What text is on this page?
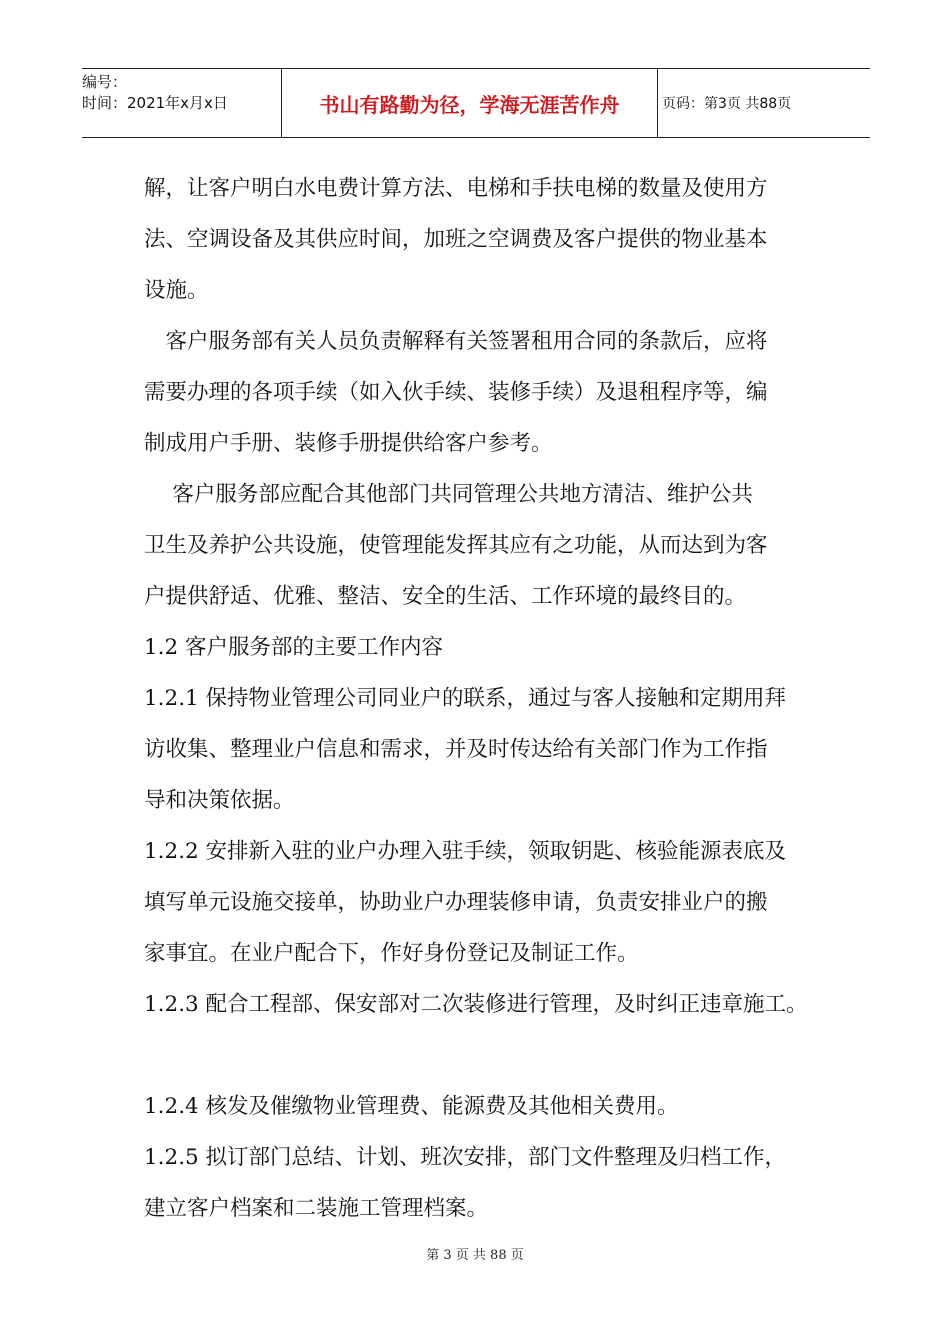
编号：
时间：2021年x月x日	书山有路勤为径，学海无涯苦作舟	页码：第3页 共88页
解，让客户明白水电费计算方法、电梯和手扶电梯的数量及使用方
法、空调设备及其供应时间，加班之空调费及客户提供的物业基本
设施。
　客户服务部有关人员负责解释有关签署租用合同的条款后，应将
需要办理的各项手续（如入伙手续、装修手续）及退租程序等，编
制成用户手册、装修手册提供给客户参考。
　 客户服务部应配合其他部门共同管理公共地方清洁、维护公共
卫生及养护公共设施，使管理能发挥其应有之功能，从而达到为客
户提供舒适、优雅、整洁、安全的生活、工作环境的最终目的。
1.2 客户服务部的主要工作内容
1.2.1 保持物业管理公司同业户的联系，通过与客人接触和定期用拜
访收集、整理业户信息和需求，并及时传达给有关部门作为工作指
导和决策依据。
1.2.2 安排新入驻的业户办理入驻手续，领取钥匙、核验能源表底及
填写单元设施交接单，协助业户办理装修申请，负责安排业户的搬
家事宜。在业户配合下，作好身份登记及制证工作。
1.2.3 配合工程部、保安部对二次装修进行管理，及时纠正违章施工。
1.2.4 核发及催缴物业管理费、能源费及其他相关费用。
1.2.5 拟订部门总结、计划、班次安排，部门文件整理及归档工作，
建立客户档案和二装施工管理档案。
第 3 页 共 88 页
